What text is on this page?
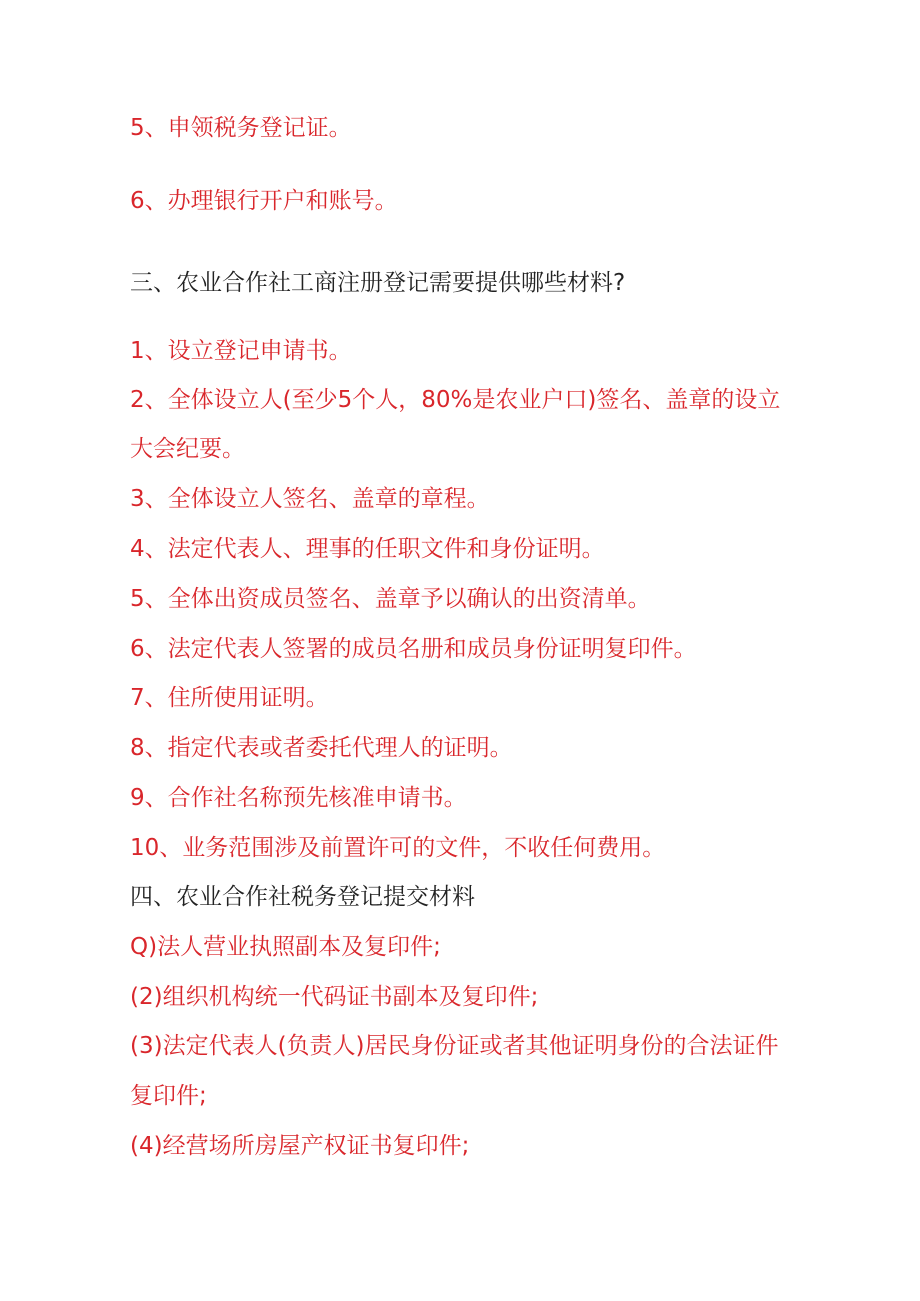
5、申领税务登记证。
6、办理银行开户和账号。
三、农业合作社工商注册登记需要提供哪些材料?
1、设立登记申请书。
2、全体设立人(至少5个人，80%是农业户口)签名、盖章的设立
大会纪要。
3、全体设立人签名、盖章的章程。
4、法定代表人、理事的任职文件和身份证明。
5、全体出资成员签名、盖章予以确认的出资清单。
6、法定代表人签署的成员名册和成员身份证明复印件。
7、住所使用证明。
8、指定代表或者委托代理人的证明。
9、合作社名称预先核准申请书。
10、业务范围涉及前置许可的文件，不收任何费用。
四、农业合作社税务登记提交材料
Q)法人营业执照副本及复印件;
(2)组织机构统一代码证书副本及复印件;
(3)法定代表人(负责人)居民身份证或者其他证明身份的合法证件
复印件;
(4)经营场所房屋产权证书复印件;
